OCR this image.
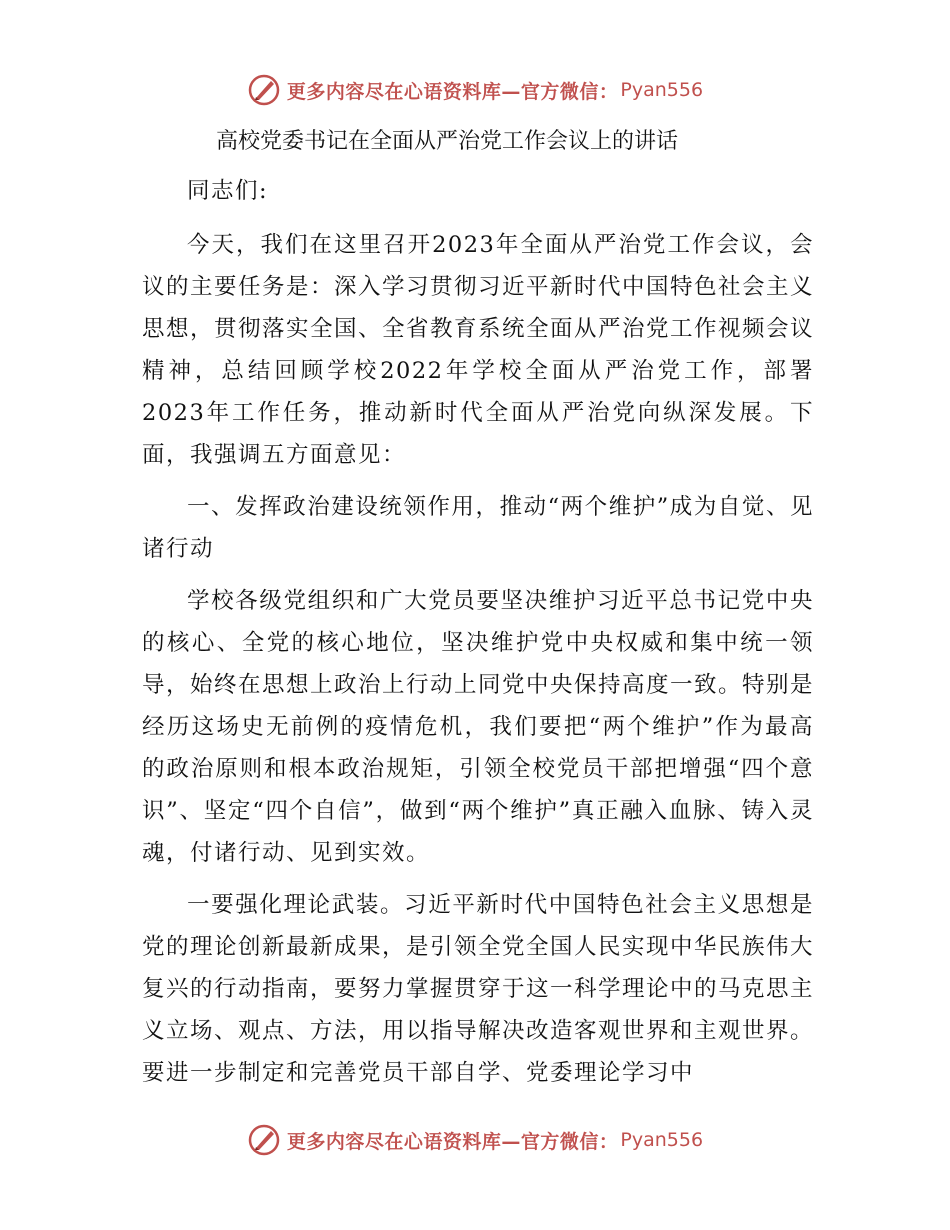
更多内容尽在心语资料库—官方微信： Pyan556
高校党委书记在全面从严治党工作会议上的讲话

同志们:

今天，我们在这里召开2023年全面从严治党工作会议，会议的主要任务是：深入学习贯彻习近平新时代中国特色社会主义思想，贯彻落实全国、全省教育系统全面从严治党工作视频会议精神，总结回顾学校2022年学校全面从严治党工作，部署2023年工作任务，推动新时代全面从严治党向纵深发展。下面，我强调五方面意见：

一、发挥政治建设统领作用，推动“两个维护”成为自觉、见诸行动

学校各级党组织和广大党员要坚决维护习近平总书记党中央的核心、全党的核心地位，坚决维护党中央权威和集中统一领导，始终在思想上政治上行动上同党中央保持高度一致。特别是经历这场史无前例的疫情危机，我们要把“两个维护”作为最高的政治原则和根本政治规矩，引领全校党员干部把增强“四个意识”、坚定“四个自信”，做到“两个维护”真正融入血脉、铸入灵魂，付诸行动、见到实效。

一要强化理论武装。习近平新时代中国特色社会主义思想是党的理论创新最新成果，是引领全党全国人民实现中华民族伟大复兴的行动指南，要努力掌握贯穿于这一科学理论中的马克思主义立场、观点、方法，用以指导解决改造客观世界和主观世界。要进一步制定和完善党员干部自学、党委理论学习中

更多内容尽在心语资料库—官方微信： Pyan556
